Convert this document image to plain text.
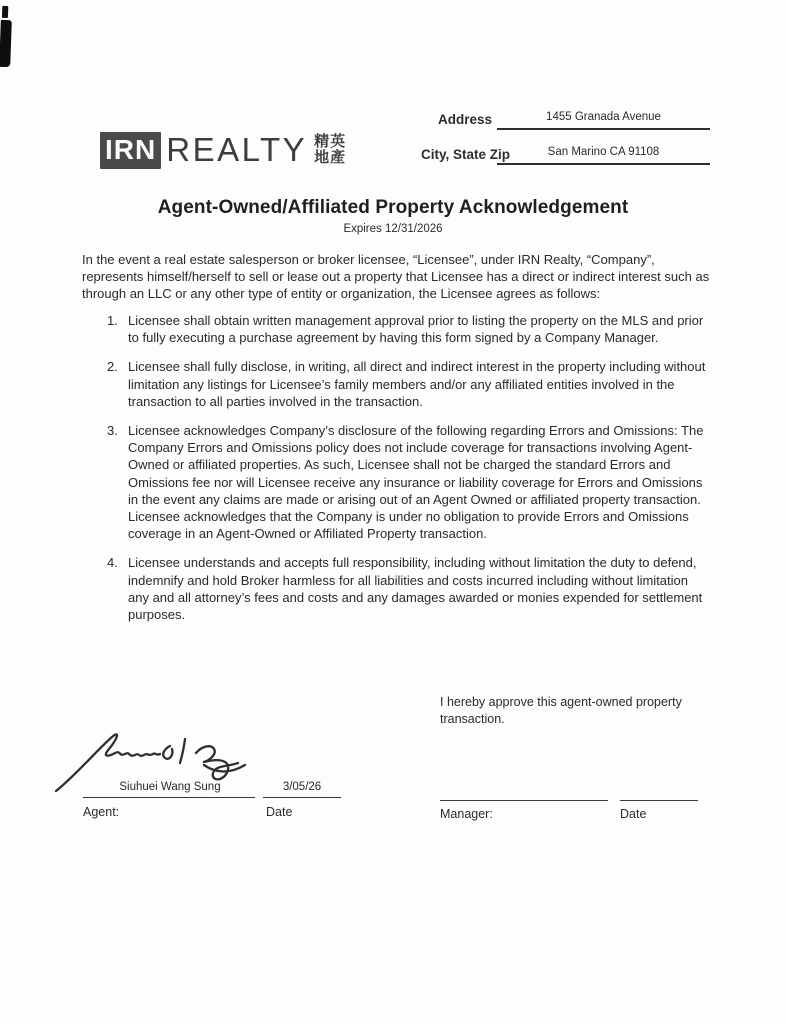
IRN REALTY 精英
地產
Address	1455 Granada Avenue
City, State Zip	San Marino CA 91108
Agent-Owned/Affiliated Property Acknowledgement
Expires 12/31/2026

In the event a real estate salesperson or broker licensee, “Licensee”, under IRN Realty, “Company”, represents himself/herself to sell or lease out a property that Licensee has a direct or indirect interest such as through an LLC or any other type of entity or organization, the Licensee agrees as follows:

1. Licensee shall obtain written management approval prior to listing the property on the MLS and prior to fully executing a purchase agreement by having this form signed by a Company Manager.
2. Licensee shall fully disclose, in writing, all direct and indirect interest in the property including without limitation any listings for Licensee’s family members and/or any affiliated entities involved in the transaction to all parties involved in the transaction.
3. Licensee acknowledges Company’s disclosure of the following regarding Errors and Omissions: The Company Errors and Omissions policy does not include coverage for transactions involving Agent-Owned or affiliated properties. As such, Licensee shall not be charged the standard Errors and Omissions fee nor will Licensee receive any insurance or liability coverage for Errors and Omissions in the event any claims are made or arising out of an Agent Owned or affiliated property transaction. Licensee acknowledges that the Company is under no obligation to provide Errors and Omissions coverage in an Agent-Owned or Affiliated Property transaction.
4. Licensee understands and accepts full responsibility, including without limitation the duty to defend, indemnify and hold Broker harmless for all liabilities and costs incurred including without limitation any and all attorney’s fees and costs and any damages awarded or monies expended for settlement purposes.
I hereby approve this agent-owned property transaction.
Siuhuei Wang Sung	3/05/26
Agent:	Date	Manager:	Date
